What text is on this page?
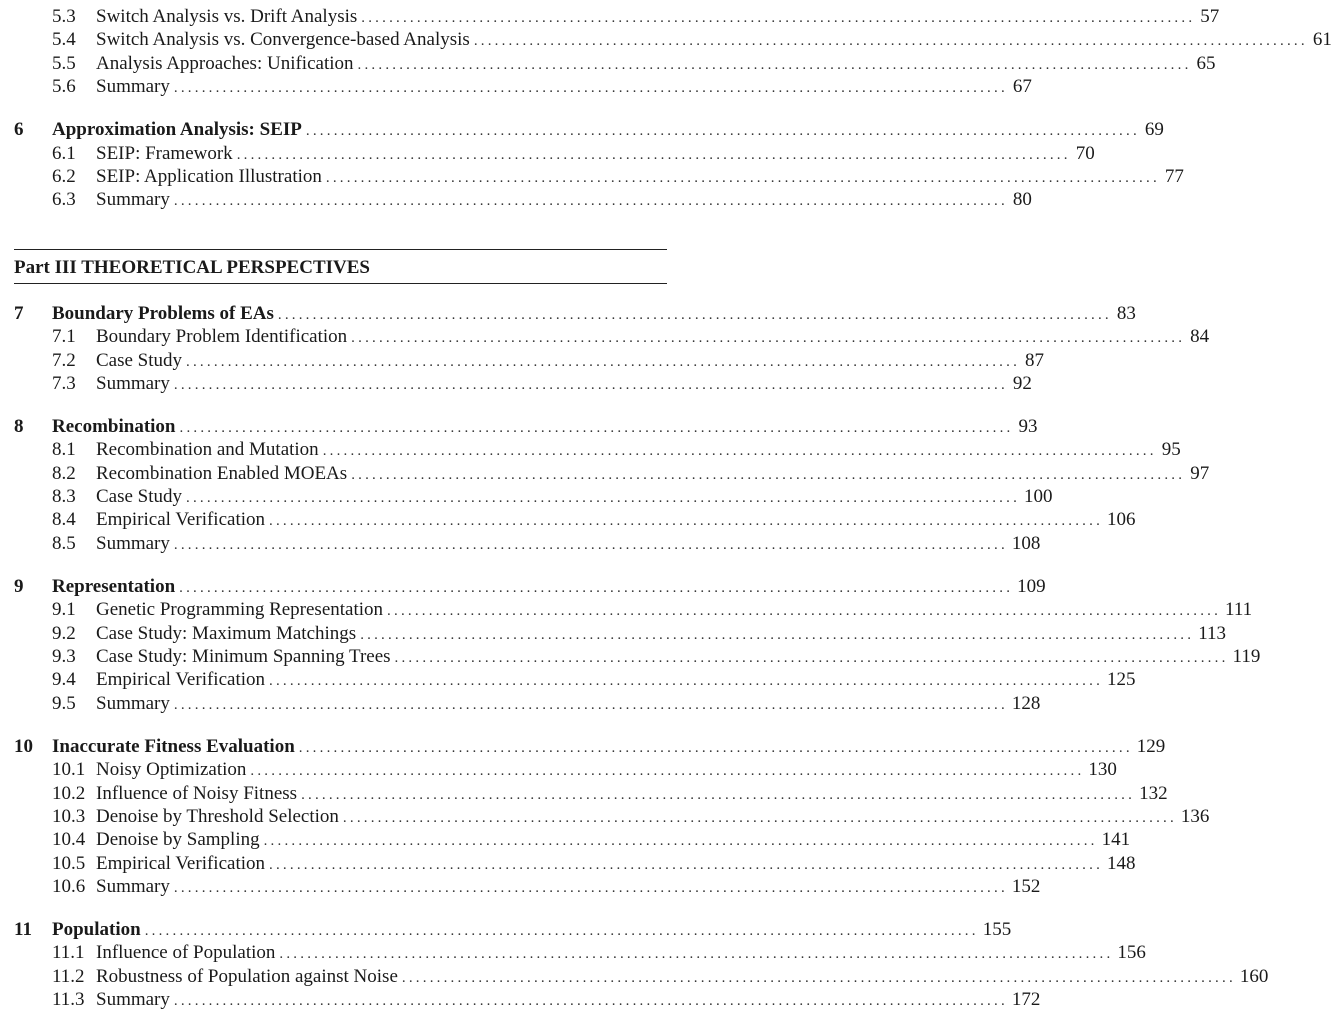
5.3	Switch Analysis vs. Drift Analysis ........................................................................................................................ 57
5.4	Switch Analysis vs. Convergence-based Analysis ........................................................................................................................ 61
5.5	Analysis Approaches: Unification ........................................................................................................................ 65
5.6	Summary ........................................................................................................................ 67
6	Approximation Analysis: SEIP ........................................................................................................................ 69
6.1	SEIP: Framework ........................................................................................................................ 70
6.2	SEIP: Application Illustration ........................................................................................................................ 77
6.3	Summary ........................................................................................................................ 80
Part III THEORETICAL PERSPECTIVES
7	Boundary Problems of EAs ........................................................................................................................ 83
7.1	Boundary Problem Identification ........................................................................................................................ 84
7.2	Case Study ........................................................................................................................ 87
7.3	Summary ........................................................................................................................ 92
8	Recombination ........................................................................................................................ 93
8.1	Recombination and Mutation ........................................................................................................................ 95
8.2	Recombination Enabled MOEAs ........................................................................................................................ 97
8.3	Case Study ........................................................................................................................ 100
8.4	Empirical Verification ........................................................................................................................ 106
8.5	Summary ........................................................................................................................ 108
9	Representation ........................................................................................................................ 109
9.1	Genetic Programming Representation ........................................................................................................................ 111
9.2	Case Study: Maximum Matchings ........................................................................................................................ 113
9.3	Case Study: Minimum Spanning Trees ........................................................................................................................ 119
9.4	Empirical Verification ........................................................................................................................ 125
9.5	Summary ........................................................................................................................ 128
10	Inaccurate Fitness Evaluation ........................................................................................................................ 129
10.1 Noisy Optimization ........................................................................................................................ 130
10.2 Influence of Noisy Fitness ........................................................................................................................ 132
10.3 Denoise by Threshold Selection ........................................................................................................................ 136
10.4 Denoise by Sampling ........................................................................................................................ 141
10.5 Empirical Verification ........................................................................................................................ 148
10.6 Summary ........................................................................................................................ 152
11	Population ........................................................................................................................ 155
11.1 Influence of Population ........................................................................................................................ 156
11.2 Robustness of Population against Noise ........................................................................................................................ 160
11.3 Summary ........................................................................................................................ 172
